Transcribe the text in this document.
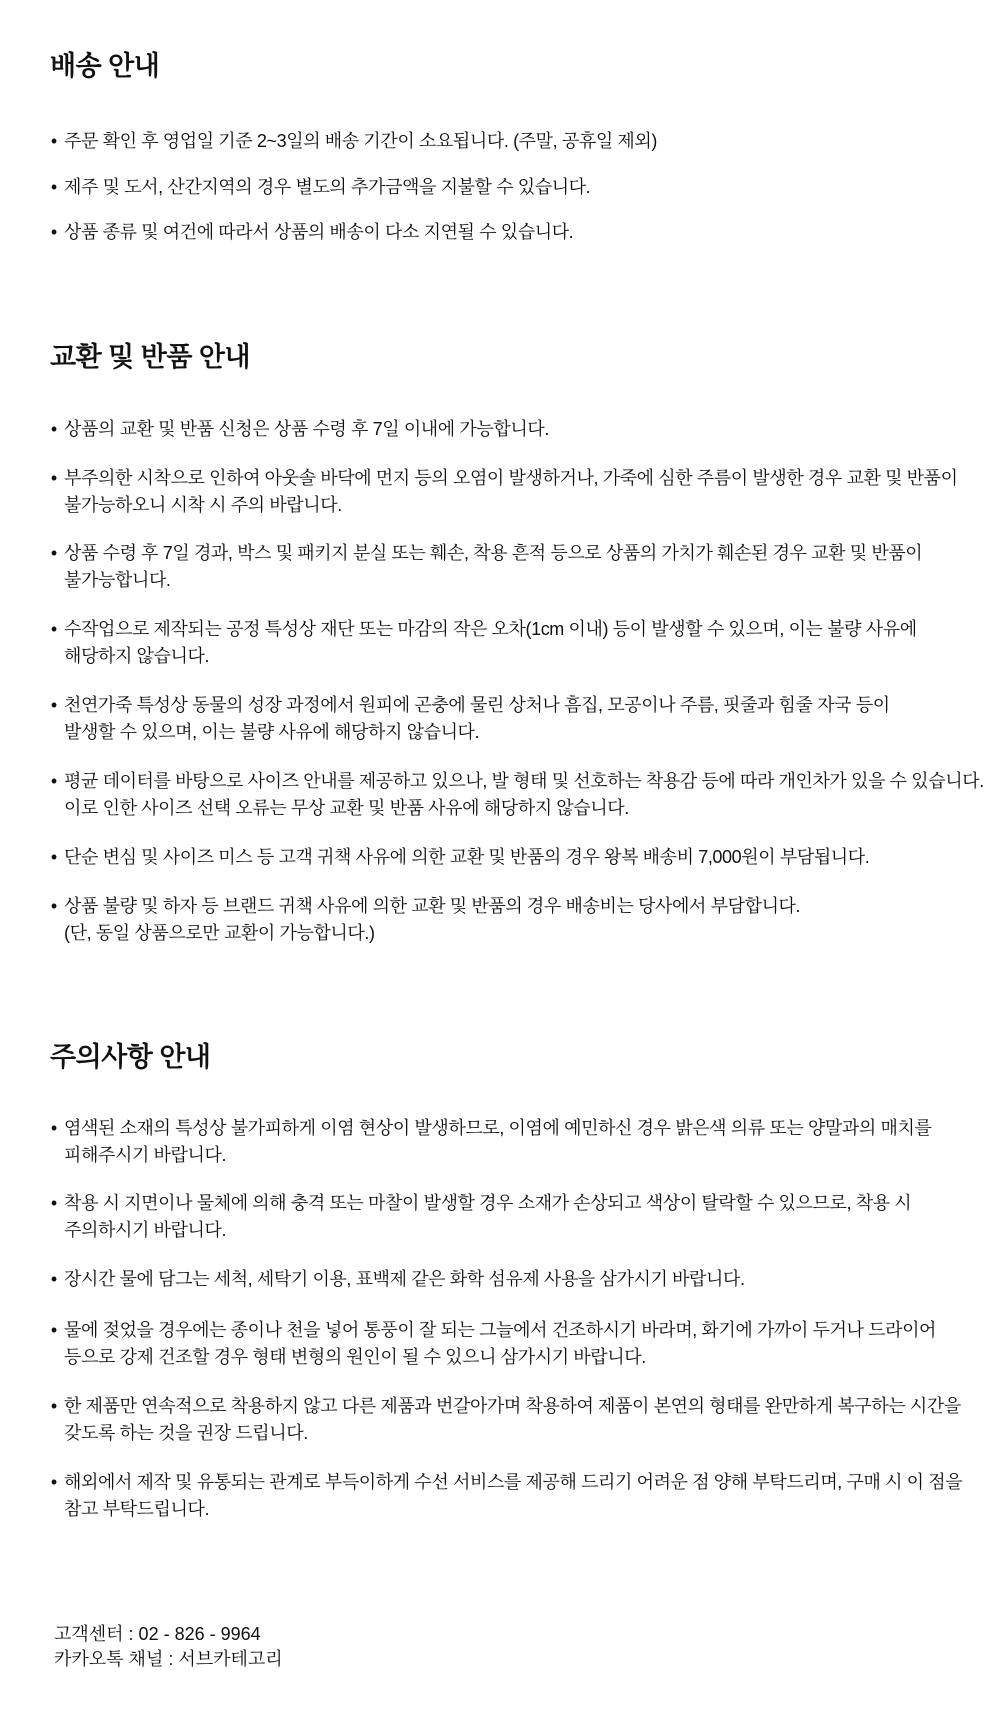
배송 안내
• 주문 확인 후 영업일 기준 2~3일의 배송 기간이 소요됩니다. (주말, 공휴일 제외)
• 제주 및 도서, 산간지역의 경우 별도의 추가금액을 지불할 수 있습니다.
• 상품 종류 및 여건에 따라서 상품의 배송이 다소 지연될 수 있습니다.
교환 및 반품 안내
• 상품의 교환 및 반품 신청은 상품 수령 후 7일 이내에 가능합니다.
• 부주의한 시착으로 인하여 아웃솔 바닥에 먼지 등의 오염이 발생하거나, 가죽에 심한 주름이 발생한 경우 교환 및 반품이
불가능하오니 시착 시 주의 바랍니다.
• 상품 수령 후 7일 경과, 박스 및 패키지 분실 또는 훼손, 착용 흔적 등으로 상품의 가치가 훼손된 경우 교환 및 반품이
불가능합니다.
• 수작업으로 제작되는 공정 특성상 재단 또는 마감의 작은 오차(1cm 이내) 등이 발생할 수 있으며, 이는 불량 사유에
해당하지 않습니다.
• 천연가죽 특성상 동물의 성장 과정에서 원피에 곤충에 물린 상처나 흠집, 모공이나 주름, 핏줄과 힘줄 자국 등이
발생할 수 있으며, 이는 불량 사유에 해당하지 않습니다.
• 평균 데이터를 바탕으로 사이즈 안내를 제공하고 있으나, 발 형태 및 선호하는 착용감 등에 따라 개인차가 있을 수 있습니다.
이로 인한 사이즈 선택 오류는 무상 교환 및 반품 사유에 해당하지 않습니다.
• 단순 변심 및 사이즈 미스 등 고객 귀책 사유에 의한 교환 및 반품의 경우 왕복 배송비 7,000원이 부담됩니다.
• 상품 불량 및 하자 등 브랜드 귀책 사유에 의한 교환 및 반품의 경우 배송비는 당사에서 부담합니다.
(단, 동일 상품으로만 교환이 가능합니다.)
주의사항 안내
• 염색된 소재의 특성상 불가피하게 이염 현상이 발생하므로, 이염에 예민하신 경우 밝은색 의류 또는 양말과의 매치를
피해주시기 바랍니다.
• 착용 시 지면이나 물체에 의해 충격 또는 마찰이 발생할 경우 소재가 손상되고 색상이 탈락할 수 있으므로, 착용 시
주의하시기 바랍니다.
• 장시간 물에 담그는 세척, 세탁기 이용, 표백제 같은 화학 섬유제 사용을 삼가시기 바랍니다.
• 물에 젖었을 경우에는 종이나 천을 넣어 통풍이 잘 되는 그늘에서 건조하시기 바라며, 화기에 가까이 두거나 드라이어
등으로 강제 건조할 경우 형태 변형의 원인이 될 수 있으니 삼가시기 바랍니다.
• 한 제품만 연속적으로 착용하지 않고 다른 제품과 번갈아가며 착용하여 제품이 본연의 형태를 완만하게 복구하는 시간을
갖도록 하는 것을 권장 드립니다.
• 해외에서 제작 및 유통되는 관계로 부득이하게 수선 서비스를 제공해 드리기 어려운 점 양해 부탁드리며, 구매 시 이 점을
참고 부탁드립니다.
고객센터 : 02 - 826 - 9964
카카오톡 채널 : 서브카테고리
